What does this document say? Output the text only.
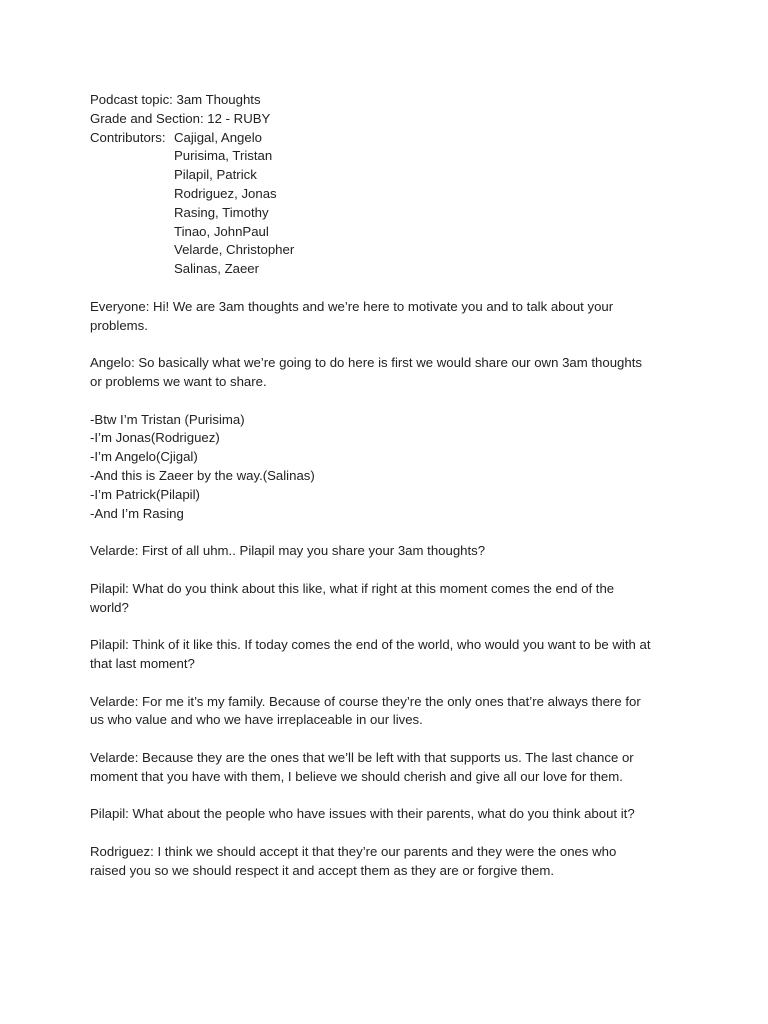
Podcast topic: 3am Thoughts
Grade and Section: 12 - RUBY
Contributors: Cajigal, Angelo
Purisima, Tristan
Pilapil, Patrick
Rodriguez, Jonas
Rasing, Timothy
Tinao, JohnPaul
Velarde, Christopher
Salinas, Zaeer
Everyone: Hi! We are 3am thoughts and we’re here to motivate you and to talk about your
problems.
Angelo: So basically what we’re going to do here is first we would share our own 3am thoughts
or problems we want to share.
-Btw I’m Tristan (Purisima)
-I’m Jonas(Rodriguez)
-I’m Angelo(Cjigal)
-And this is Zaeer by the way.(Salinas)
-I’m Patrick(Pilapil)
-And I’m Rasing
Velarde: First of all uhm.. Pilapil may you share your 3am thoughts?
Pilapil: What do you think about this like, what if right at this moment comes the end of the
world?
Pilapil: Think of it like this. If today comes the end of the world, who would you want to be with at
that last moment?
Velarde: For me it’s my family. Because of course they’re the only ones that’re always there for
us who value and who we have irreplaceable in our lives.
Velarde: Because they are the ones that we’ll be left with that supports us. The last chance or
moment that you have with them, I believe we should cherish and give all our love for them.
Pilapil: What about the people who have issues with their parents, what do you think about it?
Rodriguez: I think we should accept it that they’re our parents and they were the ones who
raised you so we should respect it and accept them as they are or forgive them.
